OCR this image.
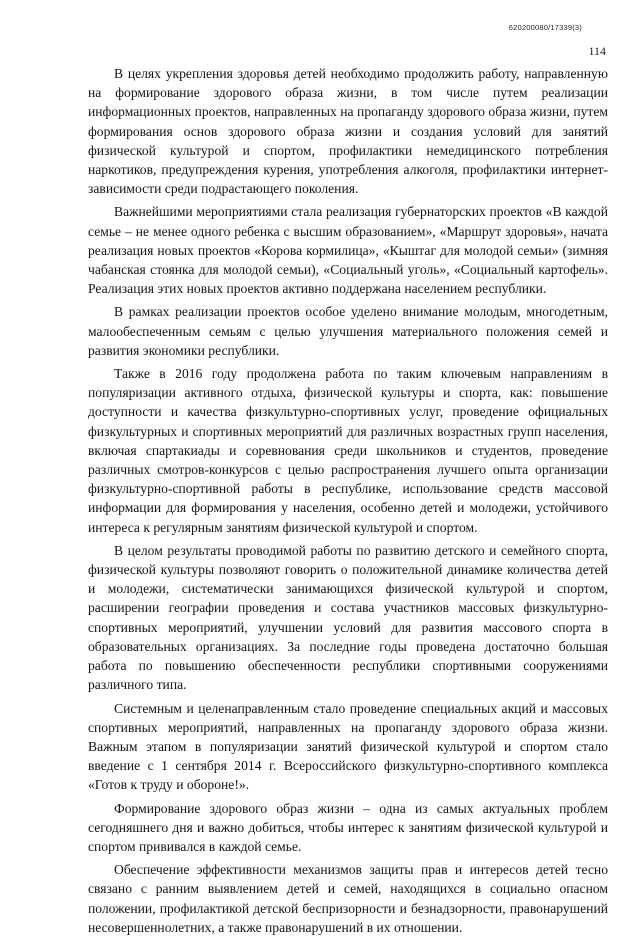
620200080/17339(3)
114

В целях укрепления здоровья детей необходимо продолжить работу, направленную на формирование здорового образа жизни, в том числе путем реализации информационных проектов, направленных на пропаганду здорового образа жизни, путем формирования основ здорового образа жизни и создания условий для занятий физической культурой и спортом, профилактики немедицинского потребления наркотиков, предупреждения курения, употребления алкоголя, профилактики интернет-зависимости среди подрастающего поколения.

Важнейшими мероприятиями стала реализация губернаторских проектов «В каждой семье – не менее одного ребенка с высшим образованием», «Маршрут здоровья», начата реализация новых проектов «Корова кормилица», «Кыштаг для молодой семьи» (зимняя чабанская стоянка для молодой семьи), «Социальный уголь», «Социальный картофель». Реализация этих новых проектов активно поддержана населением республики.

В рамках реализации проектов особое уделено внимание молодым, многодетным, малообеспеченным семьям с целью улучшения материального положения семей и развития экономики республики.

Также в 2016 году продолжена работа по таким ключевым направлениям в популяризации активного отдыха, физической культуры и спорта, как: повышение доступности и качества физкультурно-спортивных услуг, проведение официальных физкультурных и спортивных мероприятий для различных возрастных групп населения, включая спартакиады и соревнования среди школьников и студентов, проведение различных смотров-конкурсов с целью распространения лучшего опыта организации физкультурно-спортивной работы в республике, использование средств массовой информации для формирования у населения, особенно детей и молодежи, устойчивого интереса к регулярным занятиям физической культурой и спортом.

В целом результаты проводимой работы по развитию детского и семейного спорта, физической культуры позволяют говорить о положительной динамике количества детей и молодежи, систематически занимающихся физической культурой и спортом, расширении географии проведения и состава участников массовых физкультурно-спортивных мероприятий, улучшении условий для развития массового спорта в образовательных организациях. За последние годы проведена достаточно большая работа по повышению обеспеченности республики спортивными сооружениями различного типа.

Системным и целенаправленным стало проведение специальных акций и массовых спортивных мероприятий, направленных на пропаганду здорового образа жизни. Важным этапом в популяризации занятий физической культурой и спортом стало введение с 1 сентября 2014 г. Всероссийского физкультурно-спортивного комплекса «Готов к труду и обороне!».

Формирование здорового образ жизни – одна из самых актуальных проблем сегодняшнего дня и важно добиться, чтобы интерес к занятиям физической культурой и спортом прививался в каждой семье.

Обеспечение эффективности механизмов защиты прав и интересов детей тесно связано с ранним выявлением детей и семей, находящихся в социально опасном положении, профилактикой детской беспризорности и безнадзорности, правонарушений несовершеннолетних, а также правонарушений в их отношении.
